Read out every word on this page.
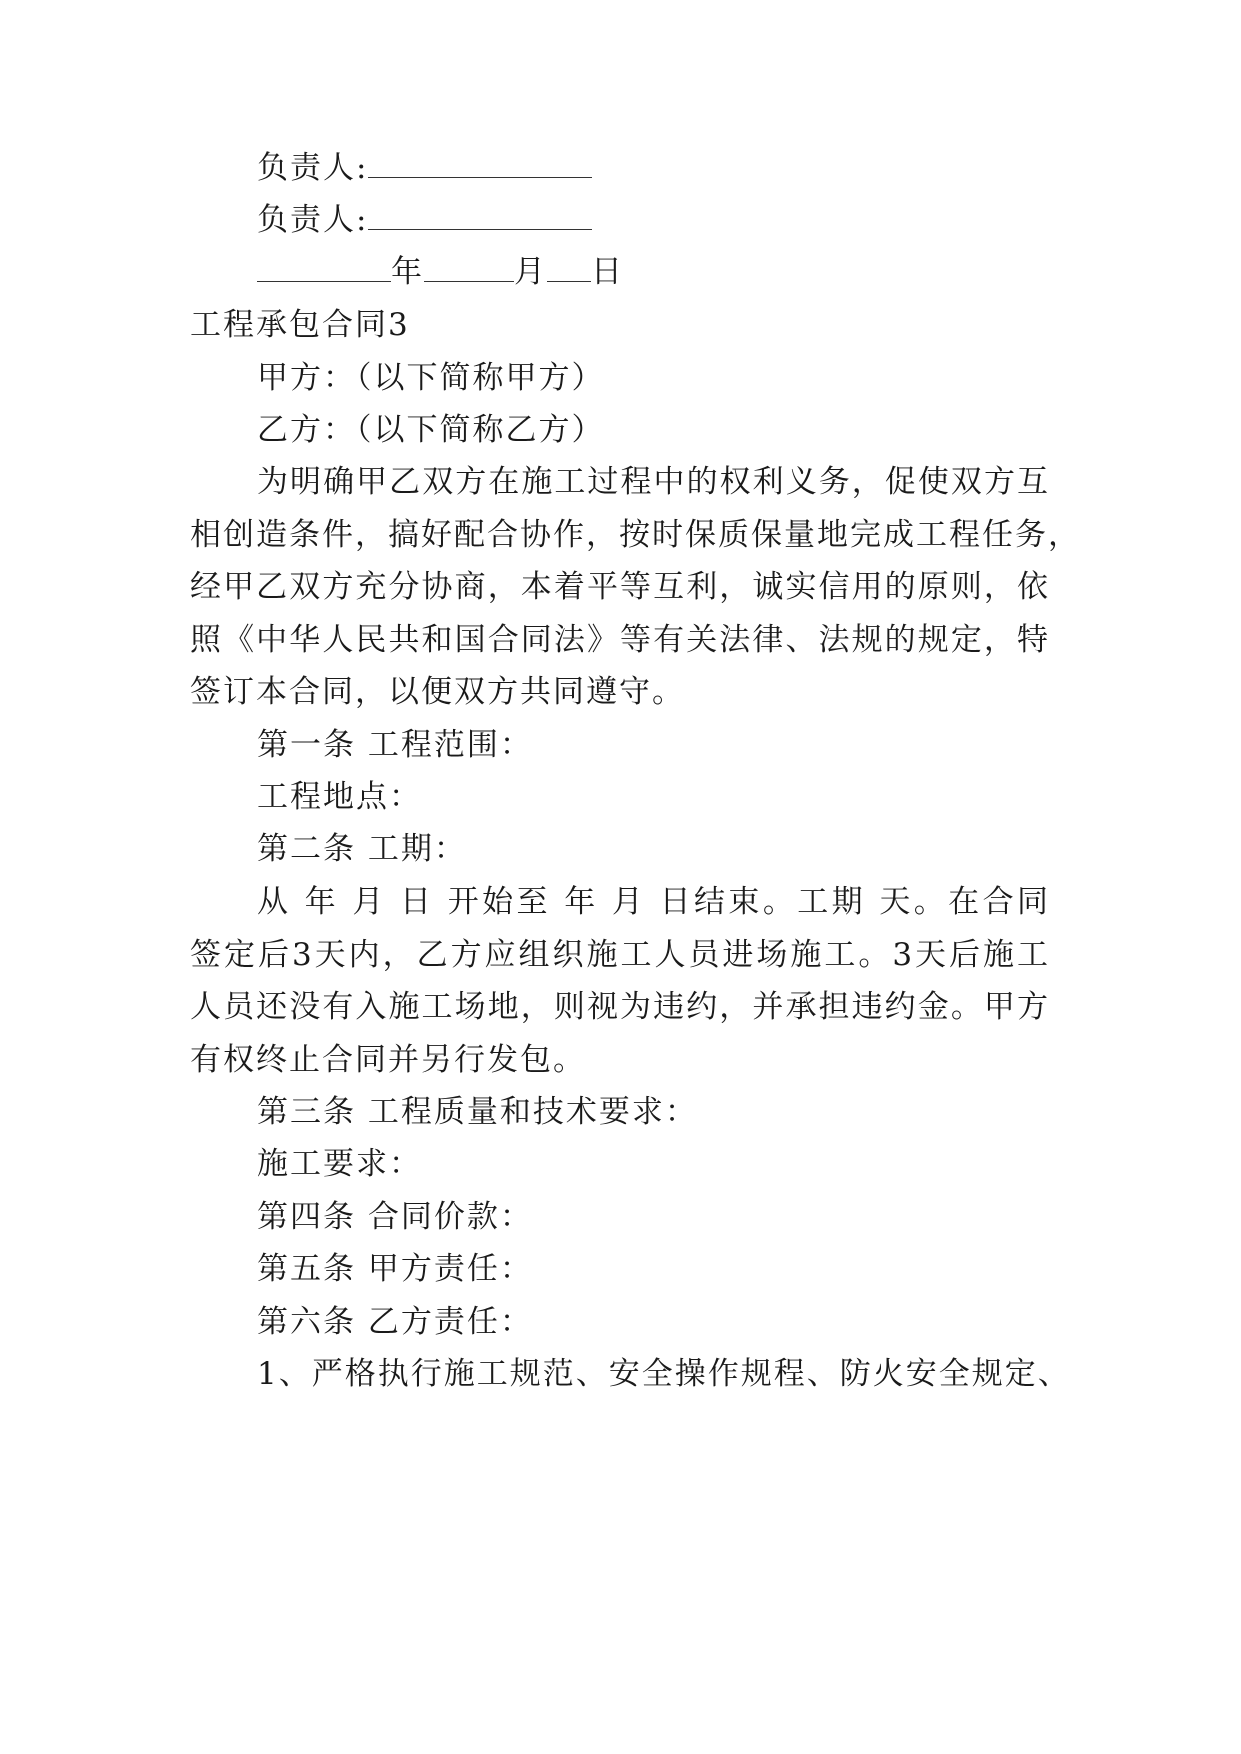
负责人:
负责人:
年	月 日
工程承包合同3
甲方：（以下简称甲方）
乙方：（以下简称乙方）
为明确甲乙双方在施工过程中的权利义务，促使双方互
相创造条件，搞好配合协作，按时保质保量地完成工程任务，
经甲乙双方充分协商，本着平等互利，诚实信用的原则，依
照《中华人民共和国合同法》等有关法律、法规的规定，特
签订本合同，以便双方共同遵守。
第一条 工程范围：
工程地点：
第二条 工期：
从 年 月 日 开始至 年 月 日结束。工期 天。在合同
签定后3天内，乙方应组织施工人员进场施工。3天后施工
人员还没有入施工场地，则视为违约，并承担违约金。甲方
有权终止合同并另行发包。
第三条 工程质量和技术要求：
施工要求：
第四条 合同价款：
第五条 甲方责任：
第六条 乙方责任：
1、严格执行施工规范、安全操作规程、防火安全规定、
